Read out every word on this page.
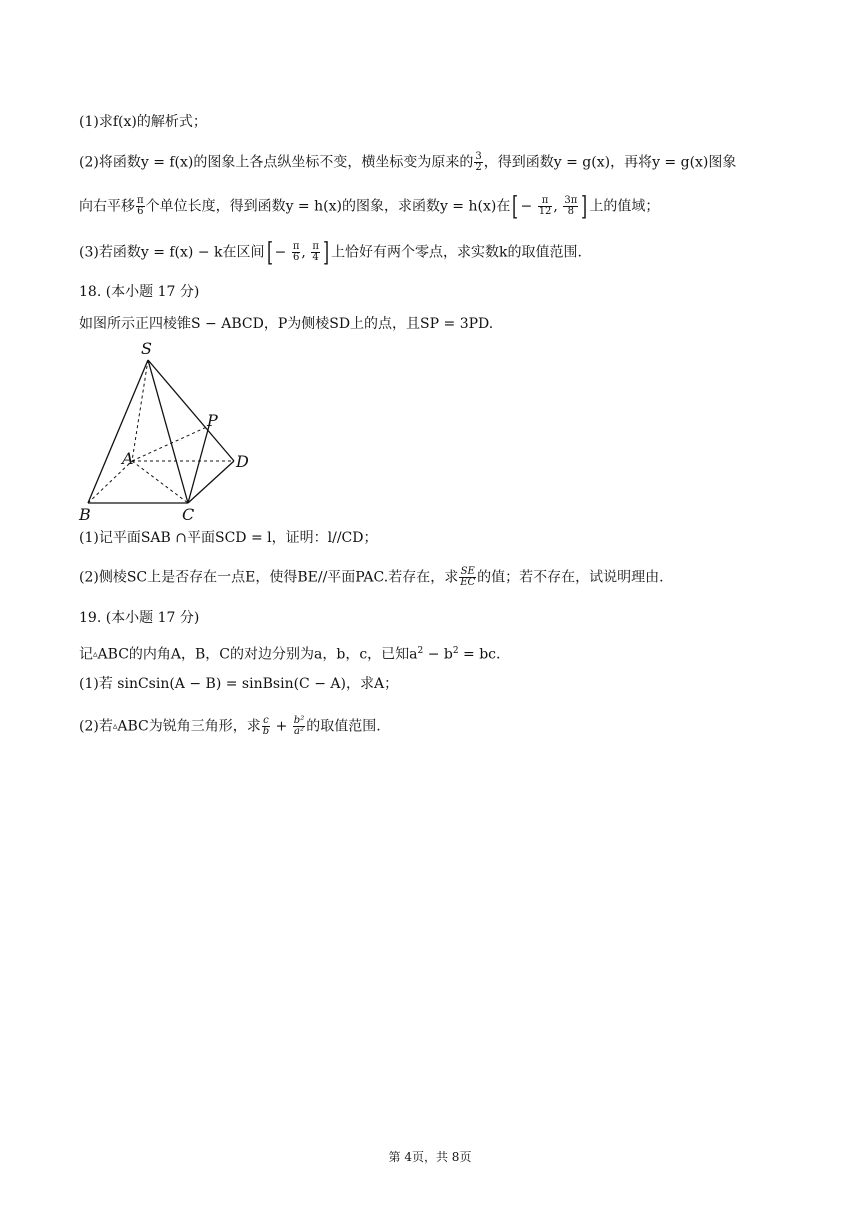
(1)求f(x)的解析式；
(2)将函数y = f(x)的图象上各点纵坐标不变，横坐标变为原来的 $\frac{3}{2}$ ，得到函数y = g(x)，再将y = g(x)图象
向右平移 $\frac{\pi}{6}$ 个单位长度，得到函数y = h(x)的图象，求函数y = h(x)在[ − $\frac{\pi}{12}$ , $\frac{3\pi}{8}$ ] 上的值域；
(3)若函数y = f(x) − k在区间[ − $\frac{\pi}{6}$ , $\frac{\pi}{4}$ ] 上恰好有两个零点，求实数k的取值范围.
18. (本小题 17 分)
如图所示正四棱锥S − ABCD，P为侧棱SD上的点，且SP = 3PD.
S
P
A	D
B	C
(1)记平面SAB ∩平面SCD = l，证明：l//CD；
(2)侧棱SC上是否存在一点E，使得BE//平面PAC.若存在，求 $\frac{SE}{EC}$ 的值；若不存在，试说明理由.
19. (本小题 17 分)
记▵ABC的内角A，B，C的对边分别为a，b，c，已知$a^2 - b^2$ = bc.
(1)若 sinCsin(A − B) = sinBsin(C − A)，求A；
(2)若▵ABC为锐角三角形，求 $\frac{c}{b} + \frac{\text{b²}}{\text{a²}}$ 的取值范围.
第 4页，共 8页
